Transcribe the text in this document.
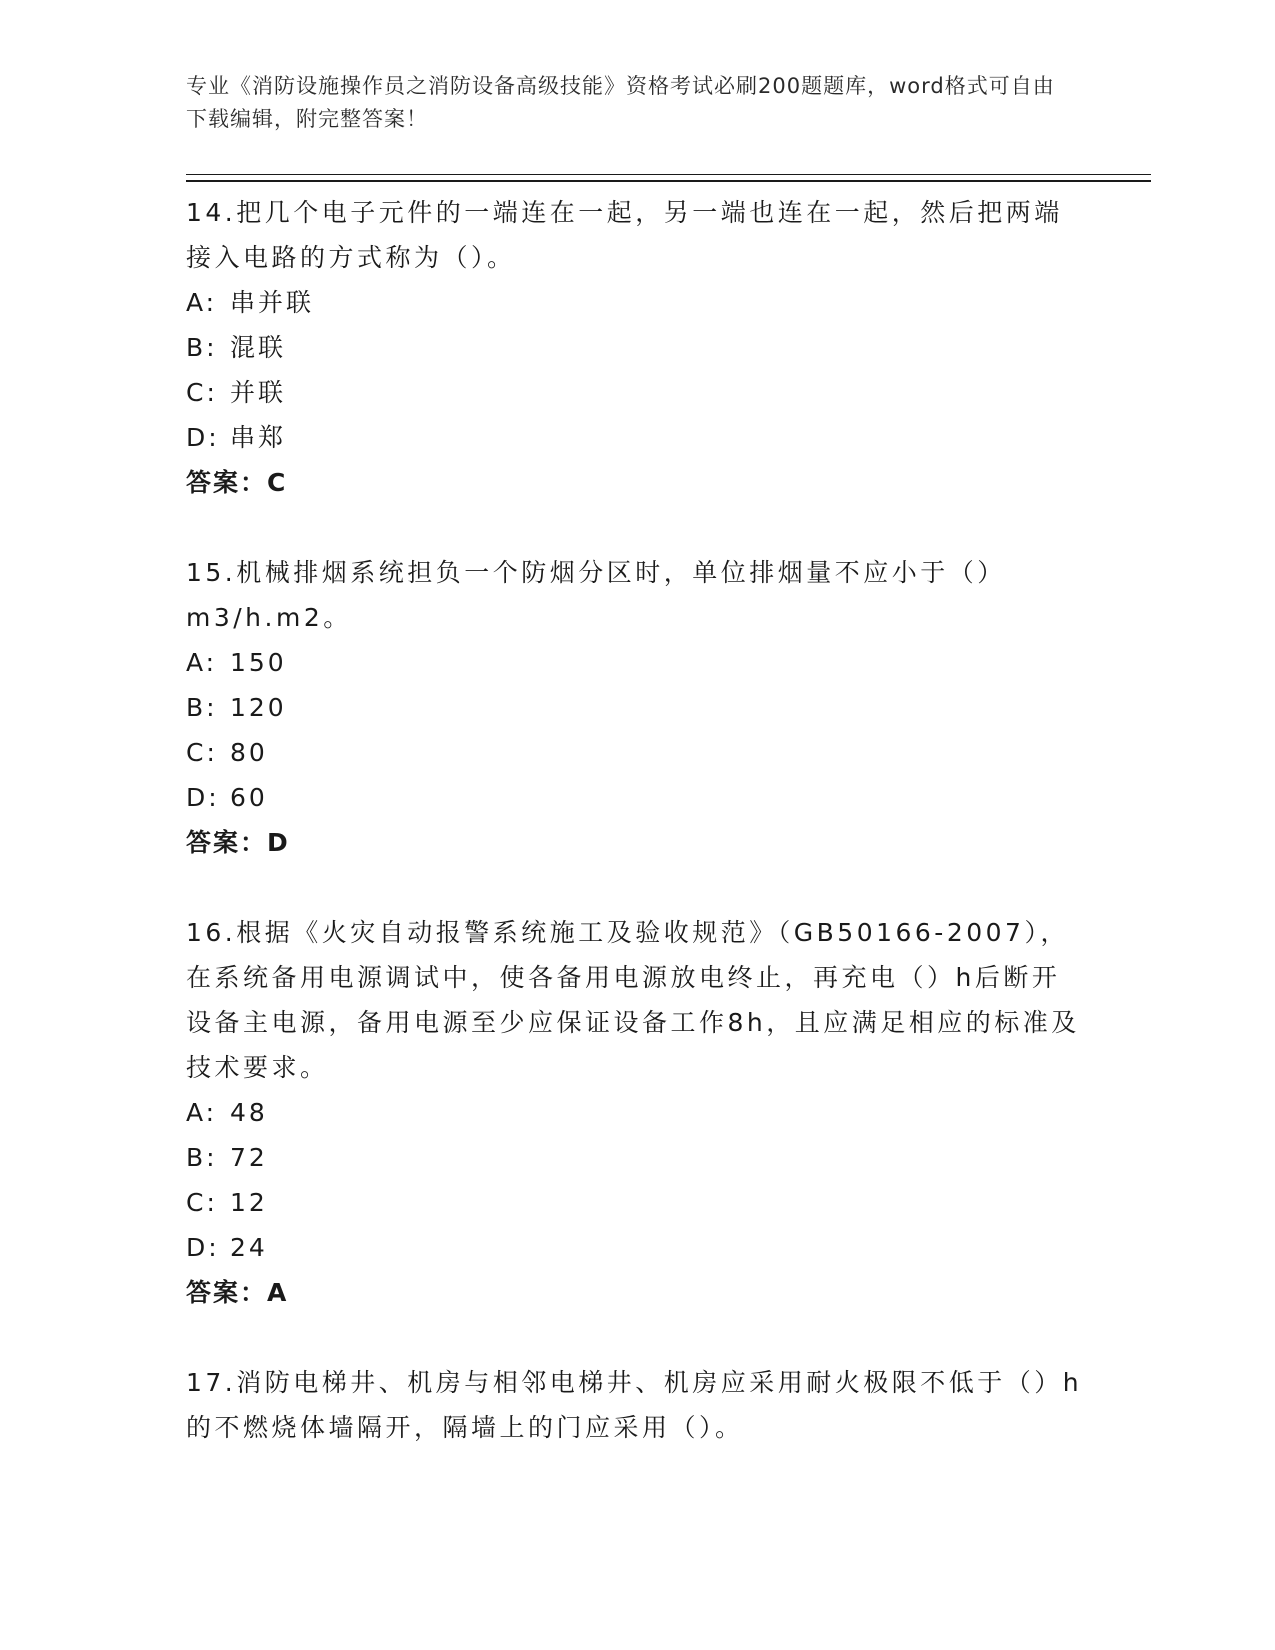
专业《消防设施操作员之消防设备高级技能》资格考试必刷200题题库，word格式可自由下载编辑，附完整答案！

14.把几个电子元件的一端连在一起，另一端也连在一起，然后把两端接入电路的方式称为（）。

A: 串并联

B: 混联

C: 并联

D: 串郑

答案：C

15.机械排烟系统担负一个防烟分区时，单位排烟量不应小于（）m3/h.m2。

A: 150

B: 120

C: 80

D: 60

答案：D

16.根据《火灾自动报警系统施工及验收规范》（GB50166-2007），在系统备用电源调试中，使各备用电源放电终止，再充电（）h后断开设备主电源，备用电源至少应保证设备工作8h，且应满足相应的标准及技术要求。

A: 48

B: 72

C: 12

D: 24

答案：A

17.消防电梯井、机房与相邻电梯井、机房应采用耐火极限不低于（）h的不燃烧体墙隔开，隔墙上的门应采用（）。
